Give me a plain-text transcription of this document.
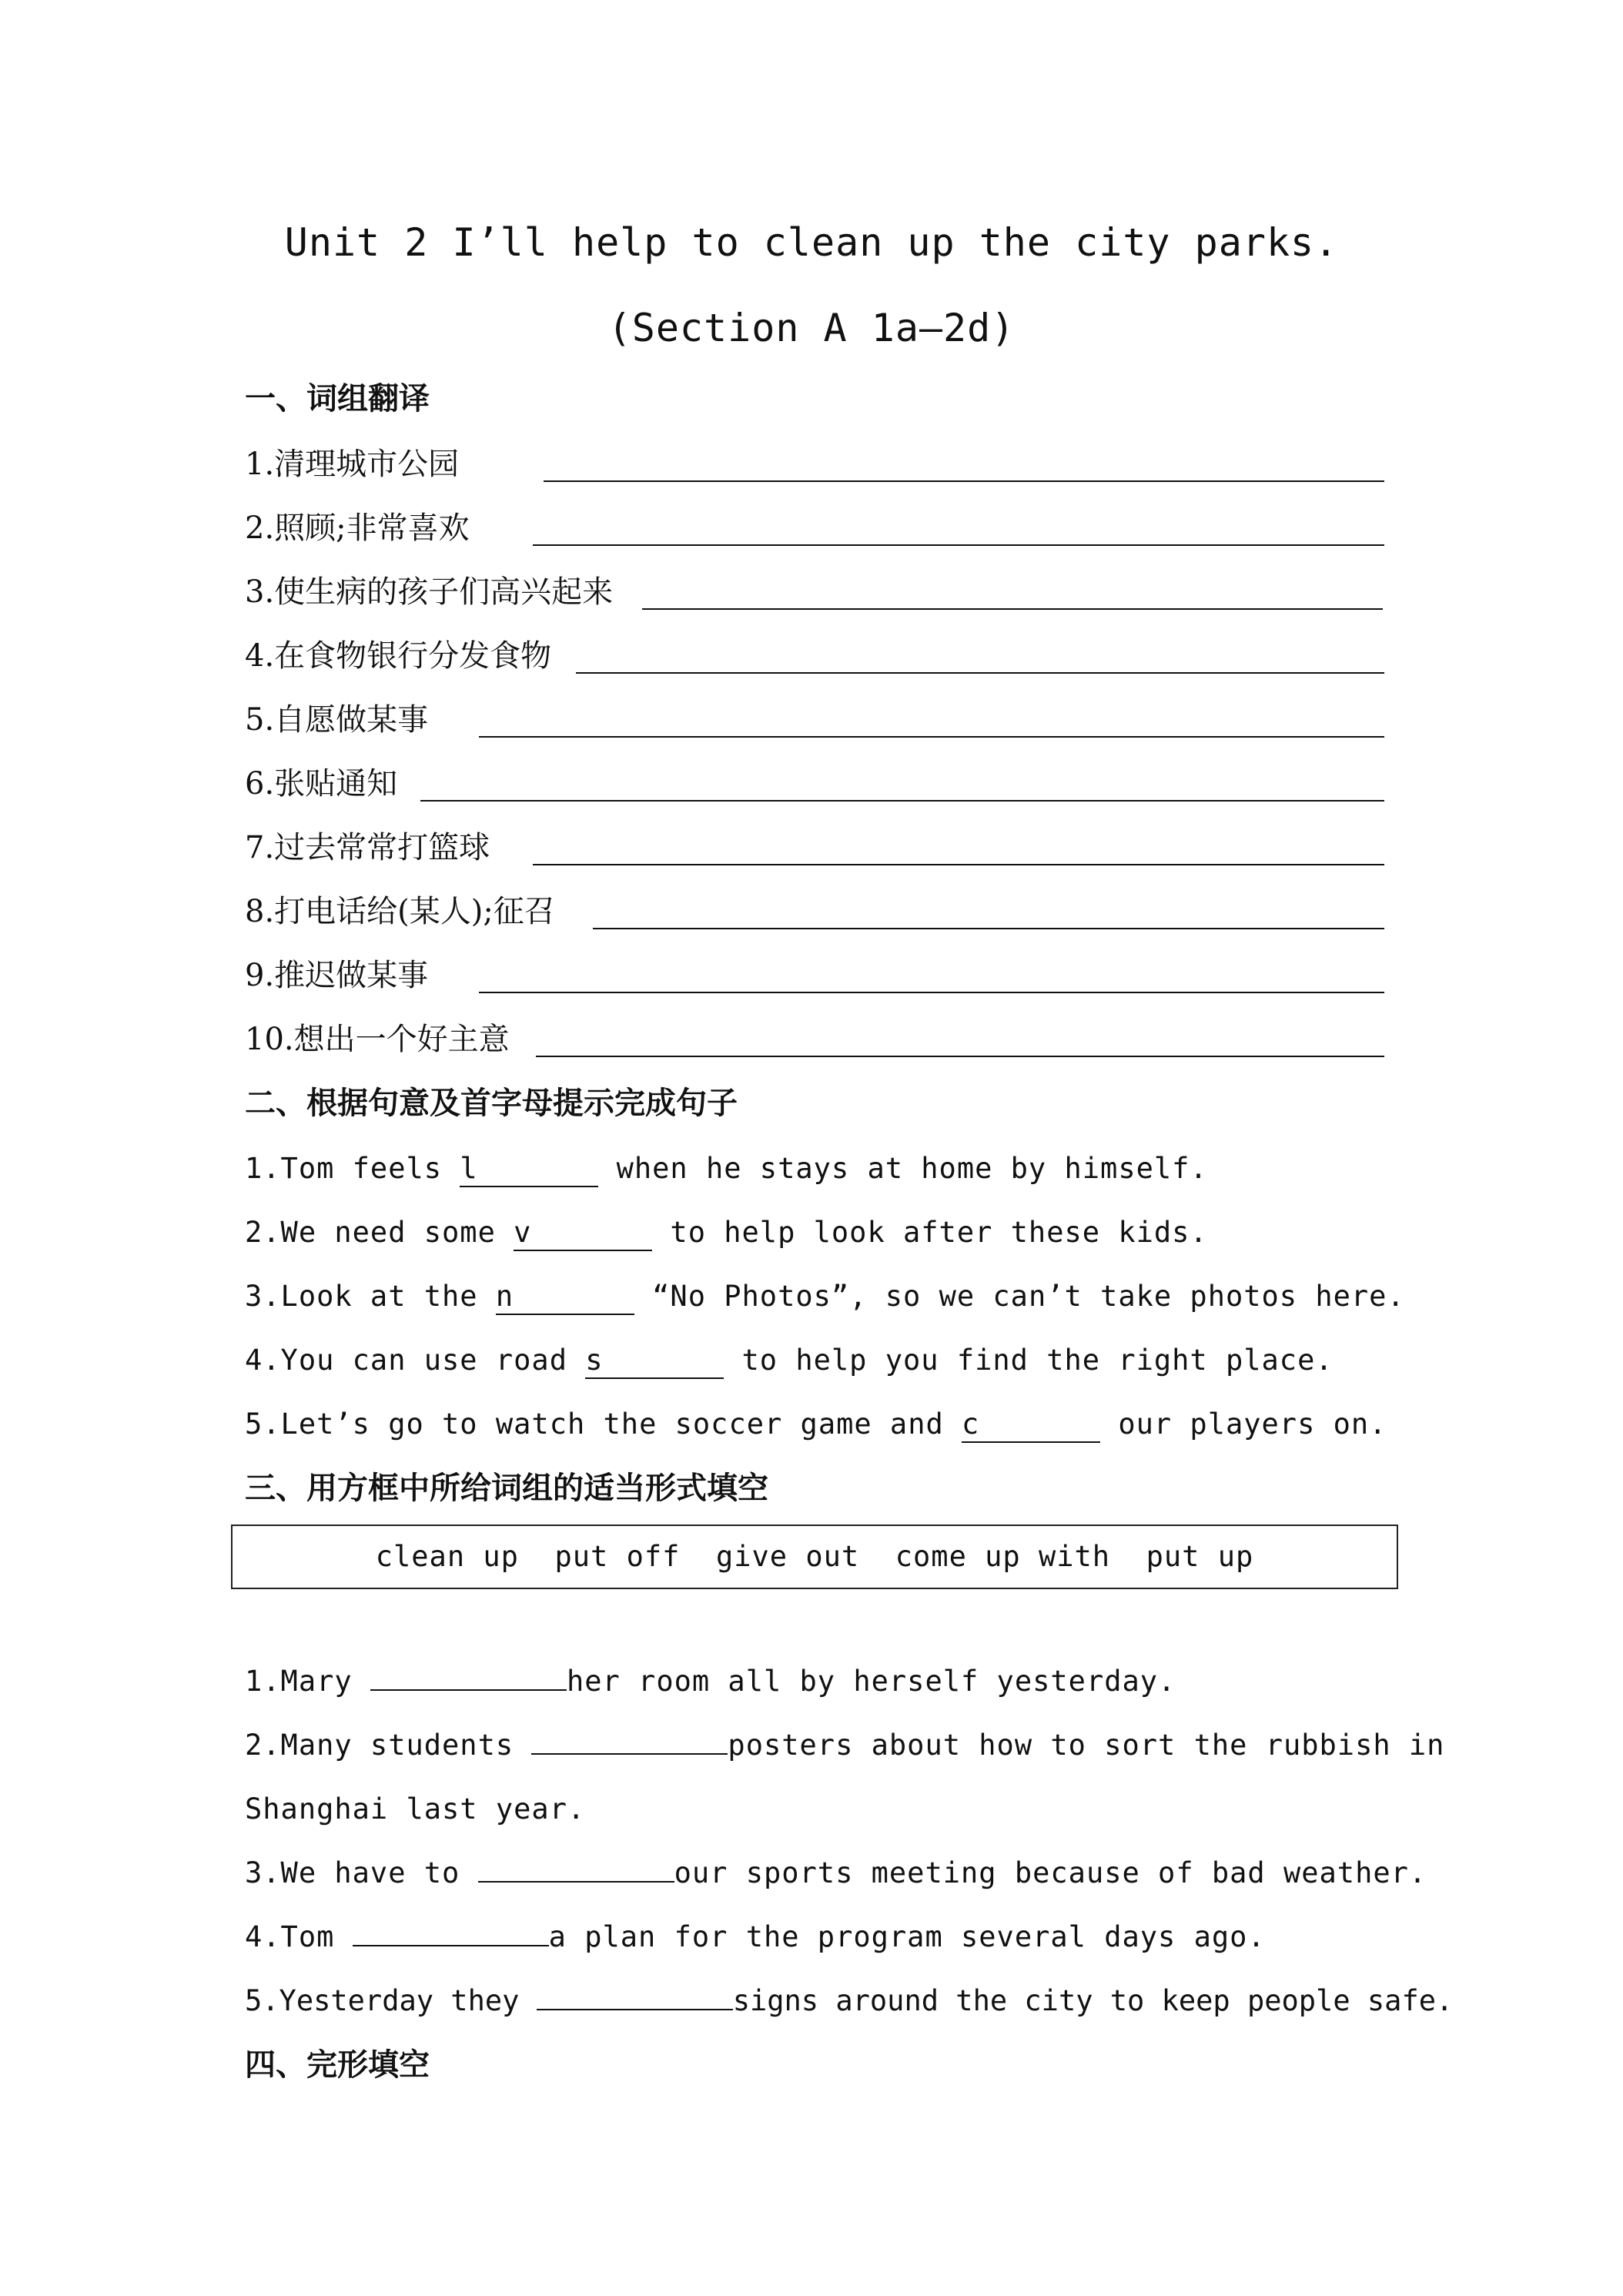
Unit 2 I’ll help to clean up the city parks.
(Section A 1a—2d)
一、词组翻译
1.清理城市公园
2.照顾;非常喜欢
3.使生病的孩子们高兴起来
4.在食物银行分发食物
5.自愿做某事
6.张贴通知
7.过去常常打篮球
8.打电话给(某人);征召
9.推迟做某事
10.想出一个好主意
二、根据句意及首字母提示完成句子
1.Tom feels l	when he stays at home by himself.
2.We need some v	to help look after these kids.
3.Look at the n	“No Photos”, so we can’t take photos here.
4.You can use road s	to help you find the right place.
5.Let’s go to watch the soccer game and c	our players on.
三、用方框中所给词组的适当形式填空
clean up  put off  give out  come up with  put up
1.Mary	her room all by herself yesterday.
2.Many students	posters about how to sort the rubbish in
Shanghai last year.
3.We have to	our sports meeting because of bad weather.
4.Tom	a plan for the program several days ago.
5.Yesterday they	signs around the city to keep people safe.
四、完形填空
